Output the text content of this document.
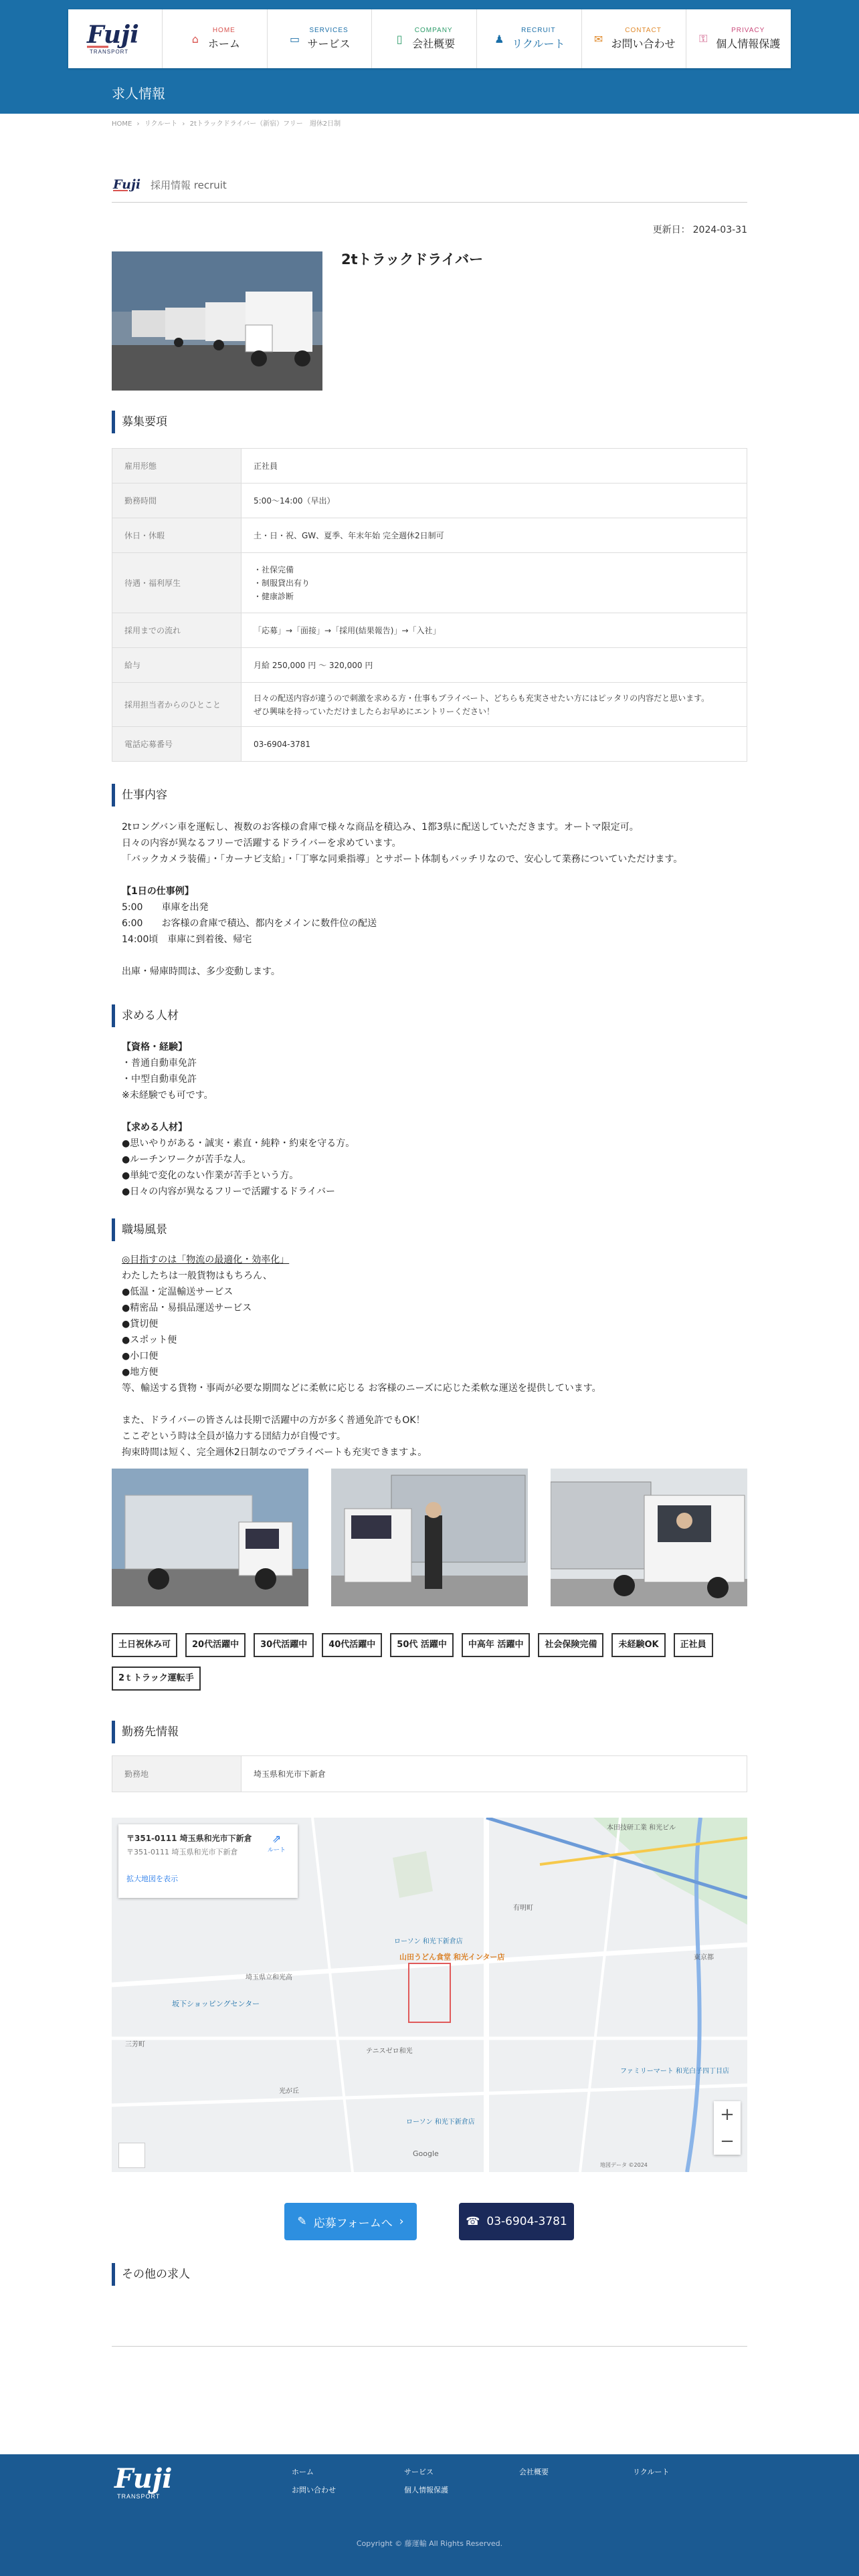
Fuji
TRANSPORT
⌂
HOME
ホーム	▭
SERVICES
サービス	▯
COMPANY
会社概要	♟
RECRUIT
リクルート	✉
CONTACT
お問い合わせ ⚿
PRIVACY
個人情報保護
求人情報
HOME › リクルート › 2tトラックドライバー（新宿）フリー　週休2日制
Fuji 採用情報 recruit
更新日： 2024-03-31
2tトラックドライバー
募集要項
雇用形態	正社員

勤務時間	5:00〜14:00（早出）

休日・休暇	土・日・祝、GW、夏季、年末年始 完全週休2日制可

待遇・福利厚生	・社保完備
・制服貸出有り
・健康診断

採用までの流れ	「応募」→「面接」→「採用(結果報告)」→「入社」

給与	月給 250,000 円 〜 320,000 円

採用担当者からのひとこと	日々の配送内容が違うので刺激を求める方・仕事もプライベート、どちらも充実させたい方にはピッタリの内容だと思います。
ぜひ興味を持っていただけましたらお早めにエントリーください！

電話応募番号	03-6904-3781
仕事内容
2tロングバン車を運転し、複数のお客様の倉庫で様々な商品を積込み、1都3県に配送していただきます。オートマ限定可。
日々の内容が異なるフリーで活躍するドライバーを求めています。
「バックカメラ装備」・「カーナビ支給」・「丁寧な同乗指導」とサポート体制もバッチリなので、安心して業務についていただけます。
【1日の仕事例】
5:00　　車庫を出発
6:00　　お客様の倉庫で積込、都内をメインに数件位の配送
14:00頃　車庫に到着後、帰宅
出庫・帰庫時間は、多少変動します。
求める人材
【資格・経験】
・普通自動車免許
・中型自動車免許
※未経験でも可です。
【求める人材】
●思いやりがある・誠実・素直・純粋・約束を守る方。
●ルーチンワークが苦手な人。
●単純で変化のない作業が苦手という方。
●日々の内容が異なるフリーで活躍するドライバー
職場風景
◎目指すのは「物流の最適化・効率化」
わたしたちは一般貨物はもちろん、
●低温・定温輸送サービス
●精密品・易損品運送サービス
●貸切便
●スポット便
●小口便
●地方便
等、輸送する貨物・事両が必要な期間などに柔軟に応じる お客様のニーズに応じた柔軟な運送を提供しています。
また、ドライバーの皆さんは長期で活躍中の方が多く普通免許でもOK！
ここぞという時は全員が協力する団結力が自慢です。
拘束時間は短く、完全週休2日制なのでプライベートも充実できますよ。
土日祝休み可	20代活躍中	30代活躍中	40代活躍中	50代 活躍中	中高年 活躍中	社会保険完備	未経験OK	正社員
2ｔトラック運転手
勤務先情報
勤務地	埼玉県和光市下新倉
〒351-0111 埼玉県和光市下新倉
〒351-0111 埼玉県和光市下新倉
拡大地図を表示
⇗
ルート
ローソン 和光下新倉店
山田うどん食堂 和光インター店
ローソン 和光下新倉店
埼玉県立和光高
坂下ショッピングセンター
テニスゼロ和光
ファミリーマート 和光白子四丁目店
本田技研工業 和光ビル
三芳町
有明町
光が丘
東京都
Google
地図データ ©2024
+
−
✎ 応募フォームへ ›	☎ 03-6904-3781
その他の求人
Fuji
TRANSPORT
ホーム
お問い合わせ
サービス
個人情報保護
会社概要	リクルート
Copyright © 藤運輸 All Rights Reserved.
